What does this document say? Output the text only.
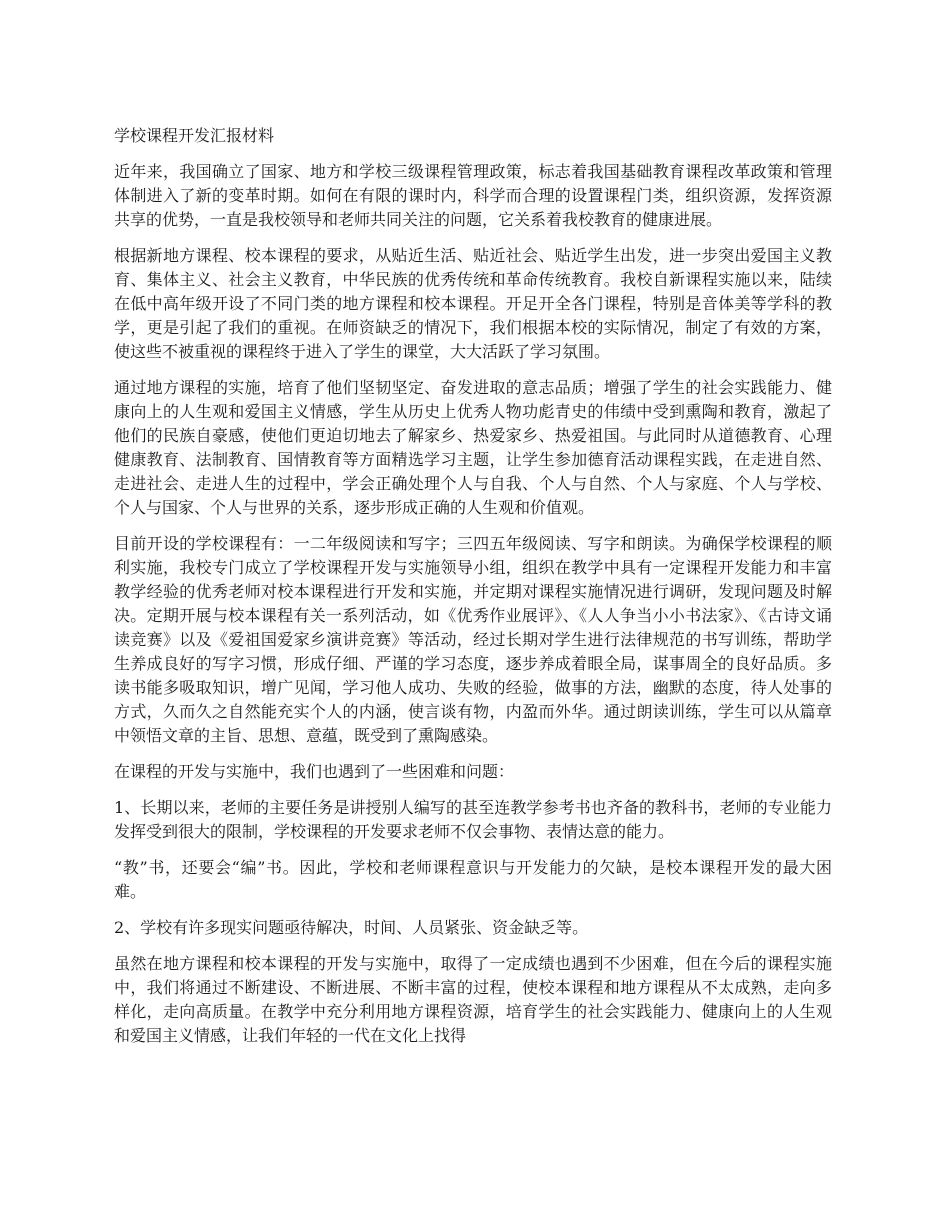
学校课程开发汇报材料

近年来，我国确立了国家、地方和学校三级课程管理政策，标志着我国基础教育课程改革政策和管理体制进入了新的变革时期。如何在有限的课时内，科学而合理的设置课程门类，组织资源，发挥资源共享的优势，一直是我校领导和老师共同关注的问题，它关系着我校教育的健康进展。

根据新地方课程、校本课程的要求，从贴近生活、贴近社会、贴近学生出发，进一步突出爱国主义教育、集体主义、社会主义教育，中华民族的优秀传统和革命传统教育。我校自新课程实施以来，陆续在低中高年级开设了不同门类的地方课程和校本课程。开足开全各门课程，特别是音体美等学科的教学，更是引起了我们的重视。在师资缺乏的情况下，我们根据本校的实际情况，制定了有效的方案，使这些不被重视的课程终于进入了学生的课堂，大大活跃了学习氛围。

通过地方课程的实施，培育了他们坚韧坚定、奋发进取的意志品质；增强了学生的社会实践能力、健康向上的人生观和爱国主义情感，学生从历史上优秀人物功彪青史的伟绩中受到熏陶和教育，激起了他们的民族自豪感，使他们更迫切地去了解家乡、热爱家乡、热爱祖国。与此同时从道德教育、心理健康教育、法制教育、国情教育等方面精选学习主题，让学生参加德育活动课程实践，在走进自然、走进社会、走进人生的过程中，学会正确处理个人与自我、个人与自然、个人与家庭、个人与学校、个人与国家、个人与世界的关系，逐步形成正确的人生观和价值观。

目前开设的学校课程有：一二年级阅读和写字；三四五年级阅读、写字和朗读。为确保学校课程的顺利实施，我校专门成立了学校课程开发与实施领导小组，组织在教学中具有一定课程开发能力和丰富教学经验的优秀老师对校本课程进行开发和实施，并定期对课程实施情况进行调研，发现问题及时解决。定期开展与校本课程有关一系列活动，如《优秀作业展评》、《人人争当小小书法家》、《古诗文诵读竞赛》以及《爱祖国爱家乡演讲竞赛》等活动，经过长期对学生进行法律规范的书写训练，帮助学生养成良好的写字习惯，形成仔细、严谨的学习态度，逐步养成着眼全局，谋事周全的良好品质。多读书能多吸取知识，增广见闻，学习他人成功、失败的经验，做事的方法，幽默的态度，待人处事的方式，久而久之自然能充实个人的内涵，使言谈有物，内盈而外华。通过朗读训练，学生可以从篇章中领悟文章的主旨、思想、意蕴，既受到了熏陶感染。

在课程的开发与实施中，我们也遇到了一些困难和问题：

1、长期以来，老师的主要任务是讲授别人编写的甚至连教学参考书也齐备的教科书，老师的专业能力发挥受到很大的限制，学校课程的开发要求老师不仅会事物、表情达意的能力。

“教”书，还要会“编”书。因此，学校和老师课程意识与开发能力的欠缺，是校本课程开发的最大困难。

2、学校有许多现实问题亟待解决，时间、人员紧张、资金缺乏等。

虽然在地方课程和校本课程的开发与实施中，取得了一定成绩也遇到不少困难，但在今后的课程实施中，我们将通过不断建设、不断进展、不断丰富的过程，使校本课程和地方课程从不太成熟，走向多样化，走向高质量。在教学中充分利用地方课程资源，培育学生的社会实践能力、健康向上的人生观和爱国主义情感，让我们年轻的一代在文化上找得
